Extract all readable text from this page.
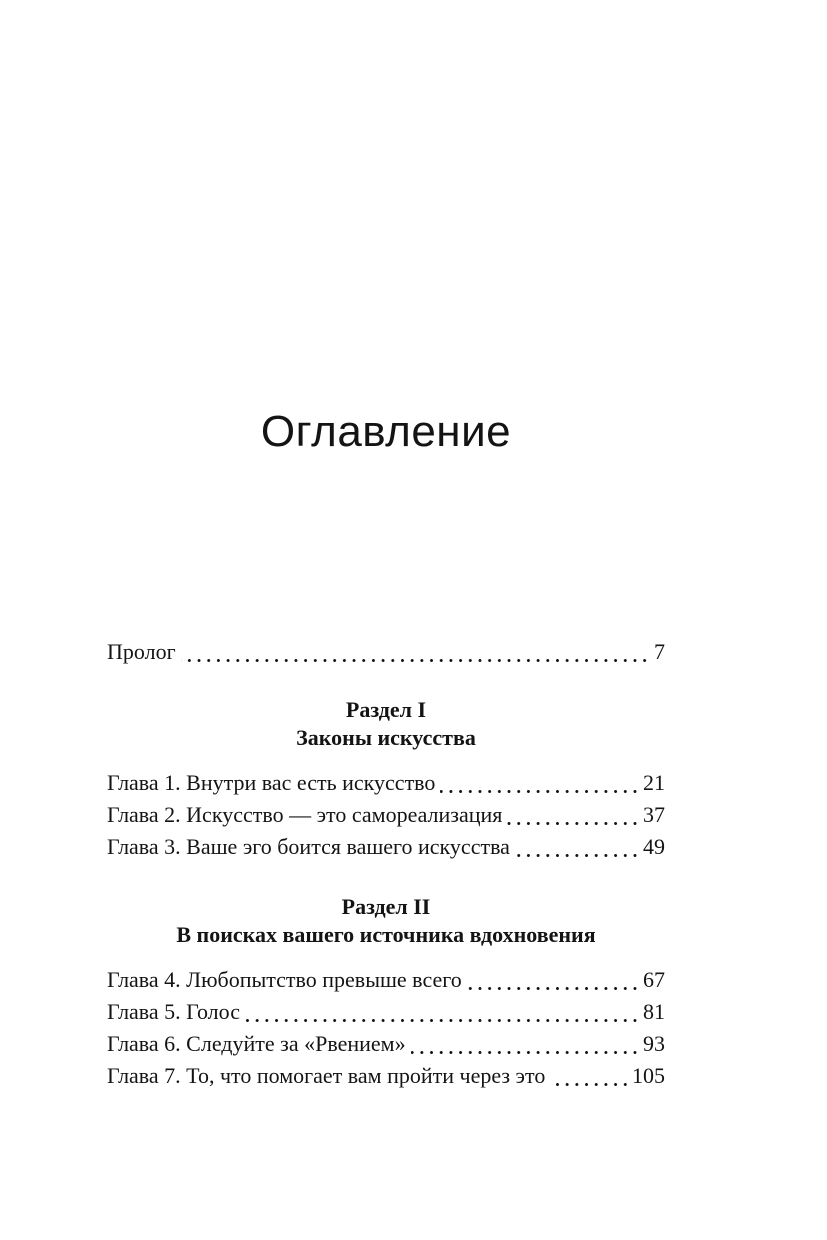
Оглавление
Пролог	7
Раздел I
Законы искусства
Глава 1. Внутри вас есть искусство	21
Глава 2. Искусство — это самореализация	37
Глава 3. Ваше эго боится вашего искусства	49
Раздел II
В поисках вашего источника вдохновения
Глава 4. Любопытство превыше всего	67
Глава 5. Голос	81
Глава 6. Следуйте за «Рвением»	93
Глава 7. То, что помогает вам пройти через это	105
